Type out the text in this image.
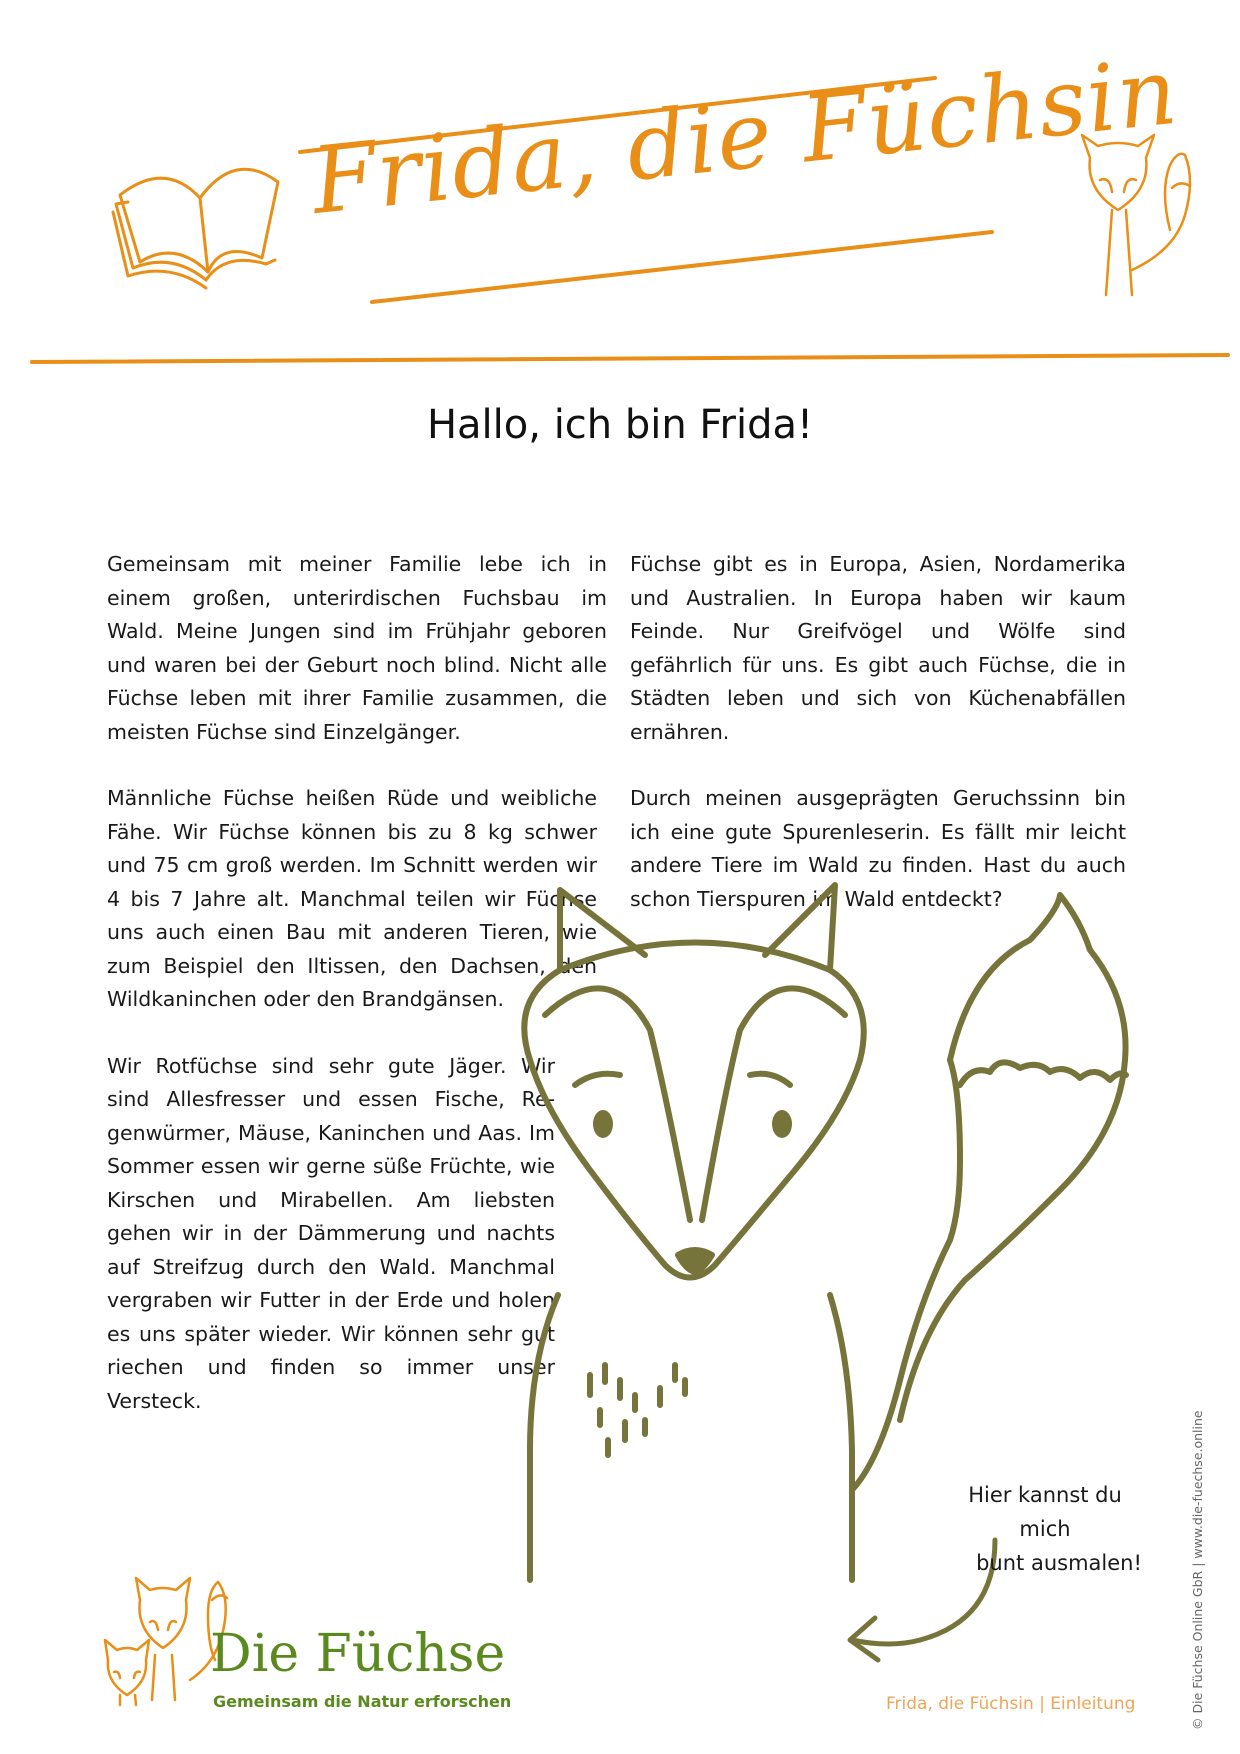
Frida, die Füchsin
Hallo, ich bin Frida!

Gemeinsam mit meiner Familie lebe ich in einem großen, unterirdischen Fuchsbau im Wald. Meine Jungen sind im Frühjahr geboren und waren bei der Geburt noch blind. Nicht alle Füchse leben mit ihrer Familie zusammen, die meisten Füchse sind Einzelgänger.

Männliche Füchse heißen Rüde und weibliche Fähe. Wir Füchse können bis zu 8 kg schwer und 75 cm groß werden. Im Schnitt werden wir 4 bis 7 Jahre alt. Manchmal teilen wir Füchse uns auch einen Bau mit anderen Tieren, wie zum Beispiel den Iltissen, den Dachsen, den Wildkaninchen oder den Brandgänsen.

Wir Rotfüchse sind sehr gute Jäger. Wir sind Allesfresser und essen Fische, Regenwürmer, Mäuse, Kaninchen und Aas. Im Sommer essen wir gerne süße Früchte, wie Kirschen und Mirabellen. Am liebsten gehen wir in der Dämmerung und nachts auf Streifzug durch den Wald. Manchmal vergraben wir Futter in der Erde und holen es uns später wieder. Wir können sehr gut riechen und finden so immer unser Versteck.

Füchse gibt es in Europa, Asien, Nordamerika und Australien. In Europa haben wir kaum Feinde. Nur Greifvögel und Wölfe sind gefährlich für uns. Es gibt auch Füchse, die in Städten leben und sich von Küchenabfällen ernähren.

Durch meinen ausgeprägten Geruchssinn bin ich eine gute Spurenleserin. Es fällt mir leicht andere Tiere im Wald zu finden. Hast du auch schon Tierspuren im Wald entdeckt?

Hier kannst du mich
bunt ausmalen!
Die Füchse
Gemeinsam die Natur erforschen	Frida, die Füchsin | Einleitung	© Die Füchse Online GbR | www.die-fuechse.online
